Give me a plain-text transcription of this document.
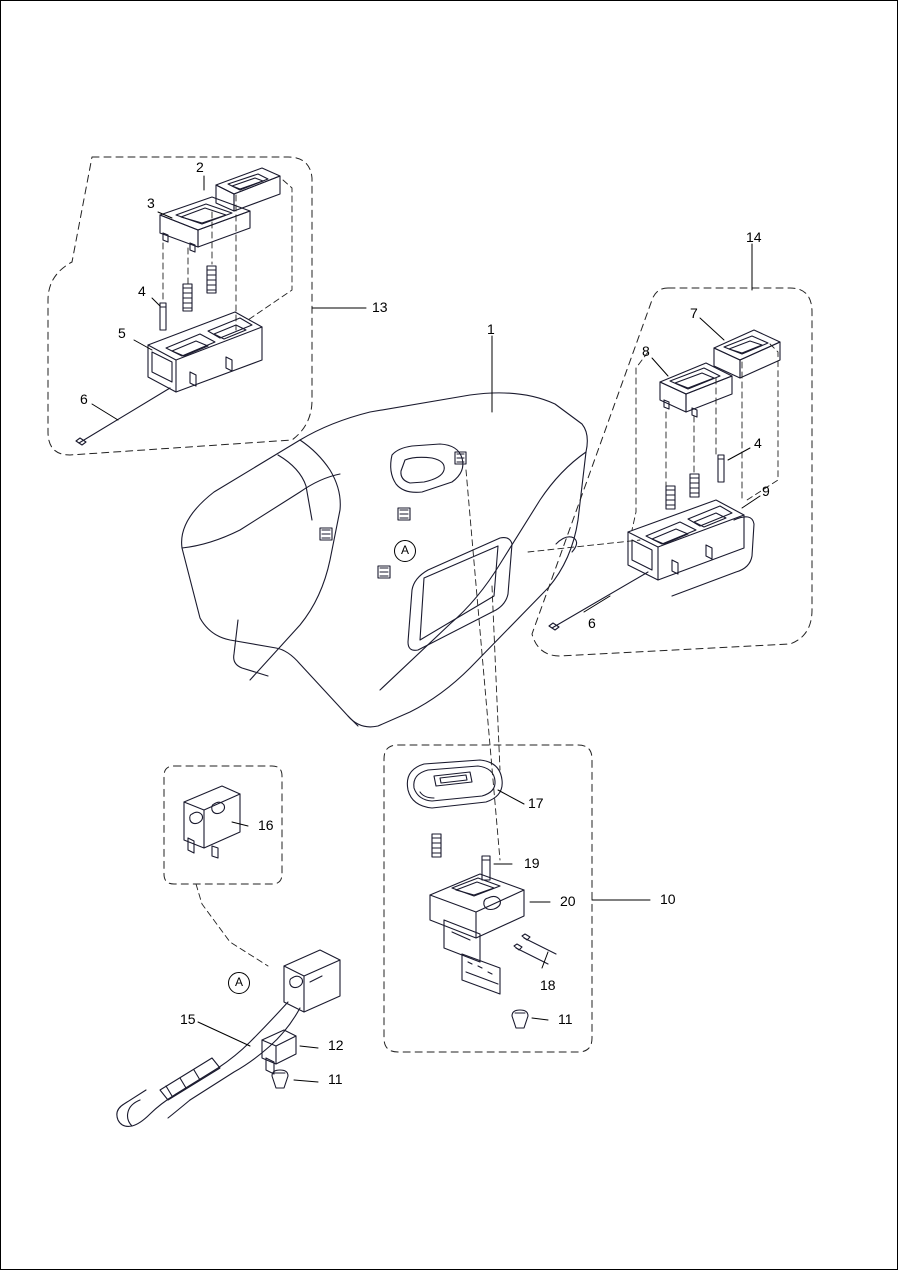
2
3
4
5
6
13
1
14
7
8
4
9
6
16
17
19
20	10
18
11
15
12
11
A
A
